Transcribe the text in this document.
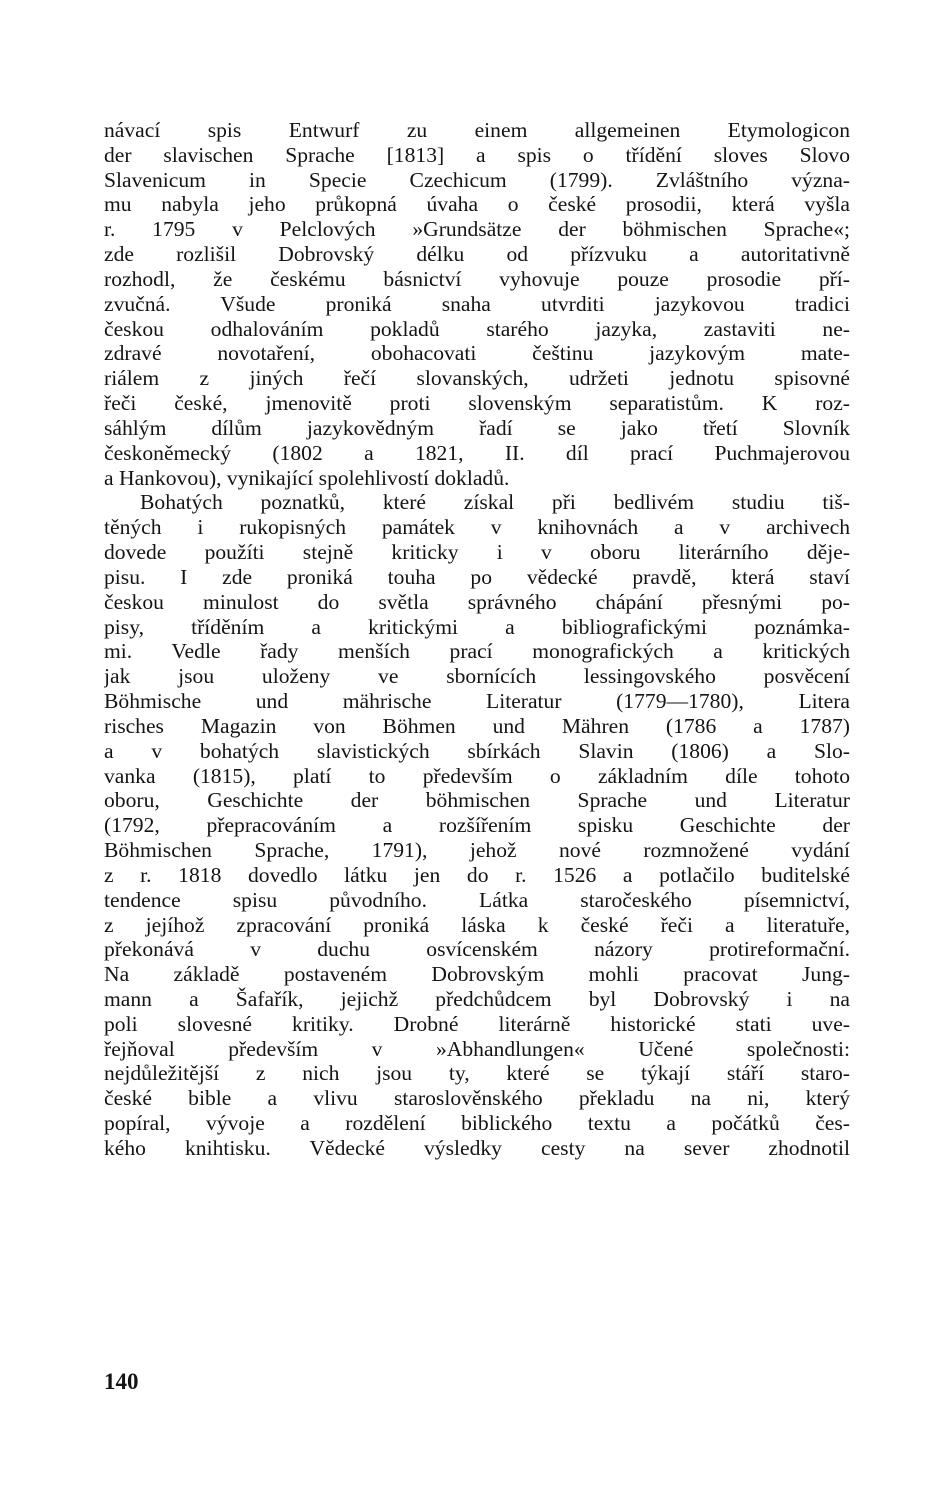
návací spis Entwurf zu einem allgemeinen Etymologicon
der slavischen Sprache [1813] a spis o třídění sloves Slovo
Slavenicum in Specie Czechicum (1799). Zvláštního význa-
mu nabyla jeho průkopná úvaha o české prosodii, která vyšla
r. 1795 v Pelclových »Grundsätze der böhmischen Sprache«;
zde rozlišil Dobrovský délku od přízvuku a autoritativně
rozhodl, že českému básnictví vyhovuje pouze prosodie pří-
zvučná. Všude proniká snaha utvrditi jazykovou tradici
českou odhalováním pokladů starého jazyka, zastaviti ne-
zdravé novotaření, obohacovati češtinu jazykovým mate-
riálem z jiných řečí slovanských, udržeti jednotu spisovné
řeči české, jmenovitě proti slovenským separatistům. K roz-
sáhlým dílům jazykovědným řadí se jako třetí Slovník
českoněmecký (1802 a 1821, II. díl prací Puchmajerovou
a Hankovou), vynikající spolehlivostí dokladů.
Bohatých poznatků, které získal při bedlivém studiu tiš-
těných i rukopisných památek v knihovnách a v archivech
dovede použíti stejně kriticky i v oboru literárního děje-
pisu. I zde proniká touha po vědecké pravdě, která staví
českou minulost do světla správného chápání přesnými po-
pisy, tříděním a kritickými a bibliografickými poznámka-
mi. Vedle řady menších prací monografických a kritických
jak jsou uloženy ve sbornících lessingovského posvěcení
Böhmische und mährische Literatur (1779—1780), Litera
risches Magazin von Böhmen und Mähren (1786 a 1787)
a v bohatých slavistických sbírkách Slavin (1806) a Slo-
vanka (1815), platí to především o základním díle tohoto
oboru, Geschichte der böhmischen Sprache und Literatur
(1792, přepracováním a rozšířením spisku Geschichte der
Böhmischen Sprache, 1791), jehož nové rozmnožené vydání
z r. 1818 dovedlo látku jen do r. 1526 a potlačilo buditelské
tendence spisu původního. Látka staročeského písemnictví,
z jejíhož zpracování proniká láska k české řeči a literatuře,
překonává v duchu osvícenském názory protireformační.
Na základě postaveném Dobrovským mohli pracovat Jung-
mann a Šafařík, jejichž předchůdcem byl Dobrovský i na
poli slovesné kritiky. Drobné literárně historické stati uve-
řejňoval především v »Abhandlungen« Učené společnosti:
nejdůležitější z nich jsou ty, které se týkají stáří staro-
české bible a vlivu staroslověnského překladu na ni, který
popíral, vývoje a rozdělení biblického textu a počátků čes-
kého knihtisku. Vědecké výsledky cesty na sever zhodnotil
140
